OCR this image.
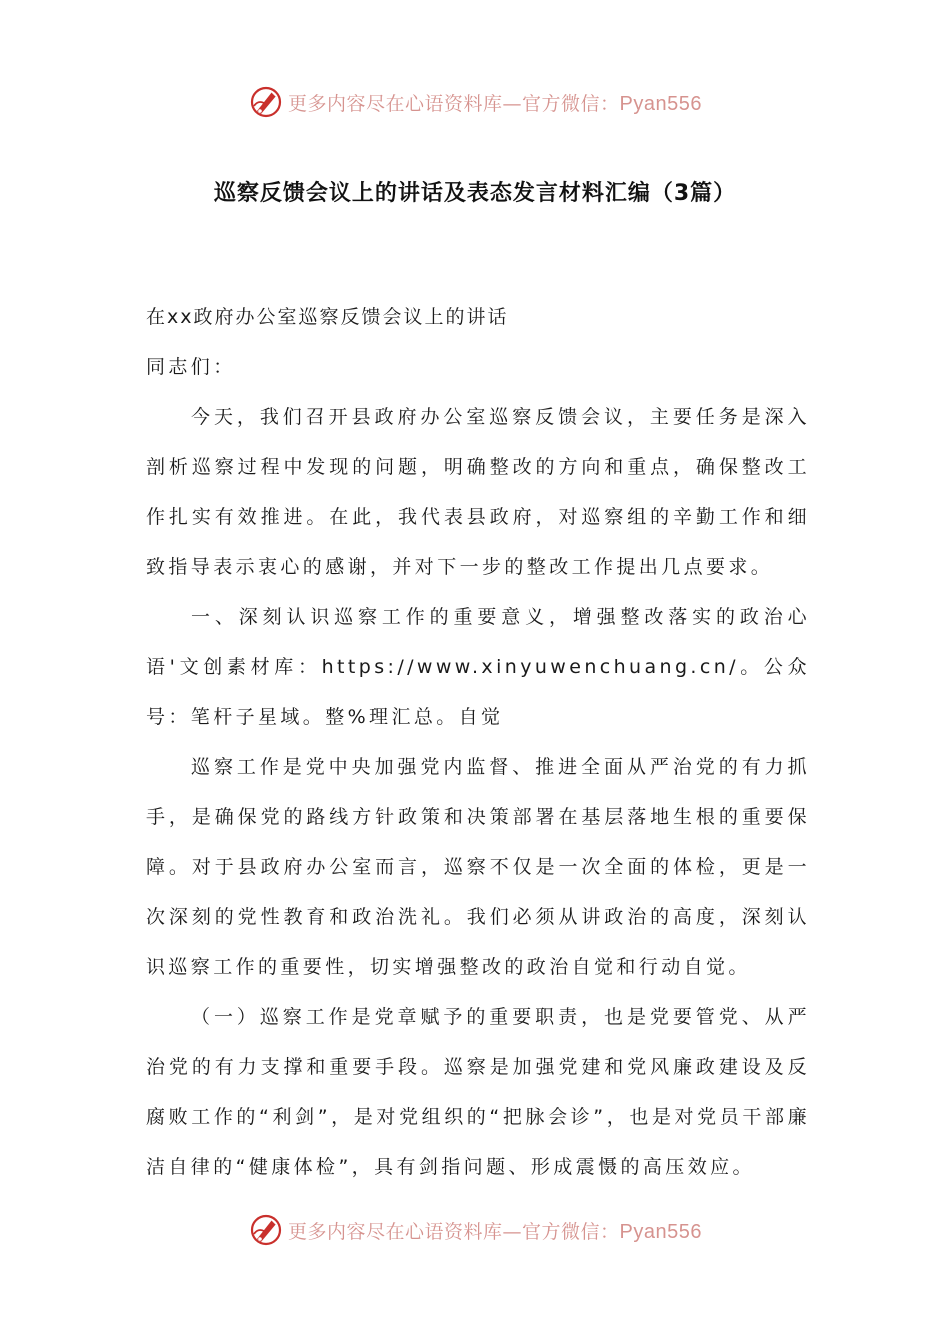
更多内容尽在心语资料库—官方微信：Pyan556
巡察反馈会议上的讲话及表态发言材料汇编（3篇）

在xx政府办公室巡察反馈会议上的讲话

同志们：

今天，我们召开县政府办公室巡察反馈会议，主要任务是深入剖析巡察过程中发现的问题，明确整改的方向和重点，确保整改工作扎实有效推进。在此，我代表县政府，对巡察组的辛勤工作和细致指导表示衷心的感谢，并对下一步的整改工作提出几点要求。

一、深刻认识巡察工作的重要意义，增强整改落实的政治心语'文创素材库：https://www.xinyuwenchuang.cn/。公众号：笔杆子星域。整%理汇总。自觉

巡察工作是党中央加强党内监督、推进全面从严治党的有力抓手，是确保党的路线方针政策和决策部署在基层落地生根的重要保障。对于县政府办公室而言，巡察不仅是一次全面的体检，更是一次深刻的党性教育和政治洗礼。我们必须从讲政治的高度，深刻认识巡察工作的重要性，切实增强整改的政治自觉和行动自觉。

（一）巡察工作是党章赋予的重要职责，也是党要管党、从严治党的有力支撑和重要手段。巡察是加强党建和党风廉政建设及反腐败工作的“利剑”，是对党组织的“把脉会诊”，也是对党员干部廉洁自律的“健康体检”，具有剑指问题、形成震慑的高压效应。

更多内容尽在心语资料库—官方微信：Pyan556
